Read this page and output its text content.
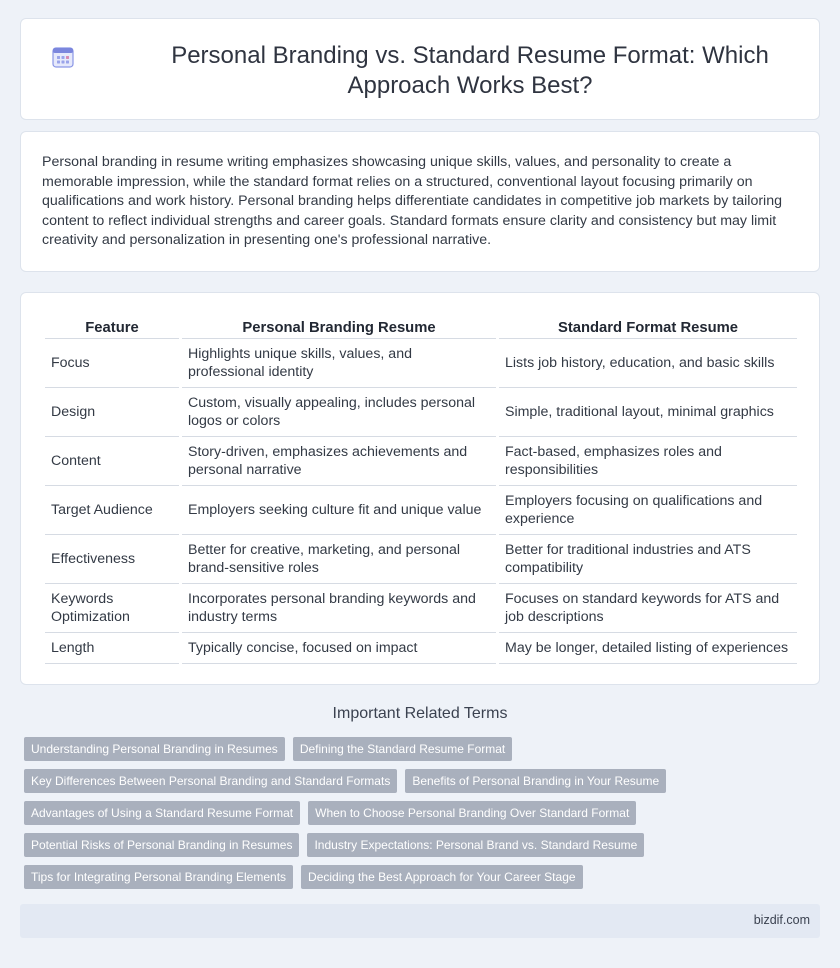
Personal Branding vs. Standard Resume Format: Which Approach Works Best?

Personal branding in resume writing emphasizes showcasing unique skills, values, and personality to create a memorable impression, while the standard format relies on a structured, conventional layout focusing primarily on qualifications and work history. Personal branding helps differentiate candidates in competitive job markets by tailoring content to reflect individual strengths and career goals. Standard formats ensure clarity and consistency but may limit creativity and personalization in presenting one's professional narrative.

Feature	Personal Branding Resume	Standard Format Resume
Focus	Highlights unique skills, values, and professional identity	Lists job history, education, and basic skills
Design	Custom, visually appealing, includes personal logos or colors	Simple, traditional layout, minimal graphics
Content	Story-driven, emphasizes achievements and personal narrative	Fact-based, emphasizes roles and responsibilities
Target Audience	Employers seeking culture fit and unique value	Employers focusing on qualifications and experience
Effectiveness	Better for creative, marketing, and personal brand-sensitive roles	Better for traditional industries and ATS compatibility
Keywords Optimization	Incorporates personal branding keywords and industry terms	Focuses on standard keywords for ATS and job descriptions
Length	Typically concise, focused on impact	May be longer, detailed listing of experiences
Important Related Terms
Understanding Personal Branding in Resumes	Defining the Standard Resume Format
Key Differences Between Personal Branding and Standard Formats	Benefits of Personal Branding in Your Resume
Advantages of Using a Standard Resume Format	When to Choose Personal Branding Over Standard Format
Potential Risks of Personal Branding in Resumes	Industry Expectations: Personal Brand vs. Standard Resume
Tips for Integrating Personal Branding Elements	Deciding the Best Approach for Your Career Stage
bizdif.com
